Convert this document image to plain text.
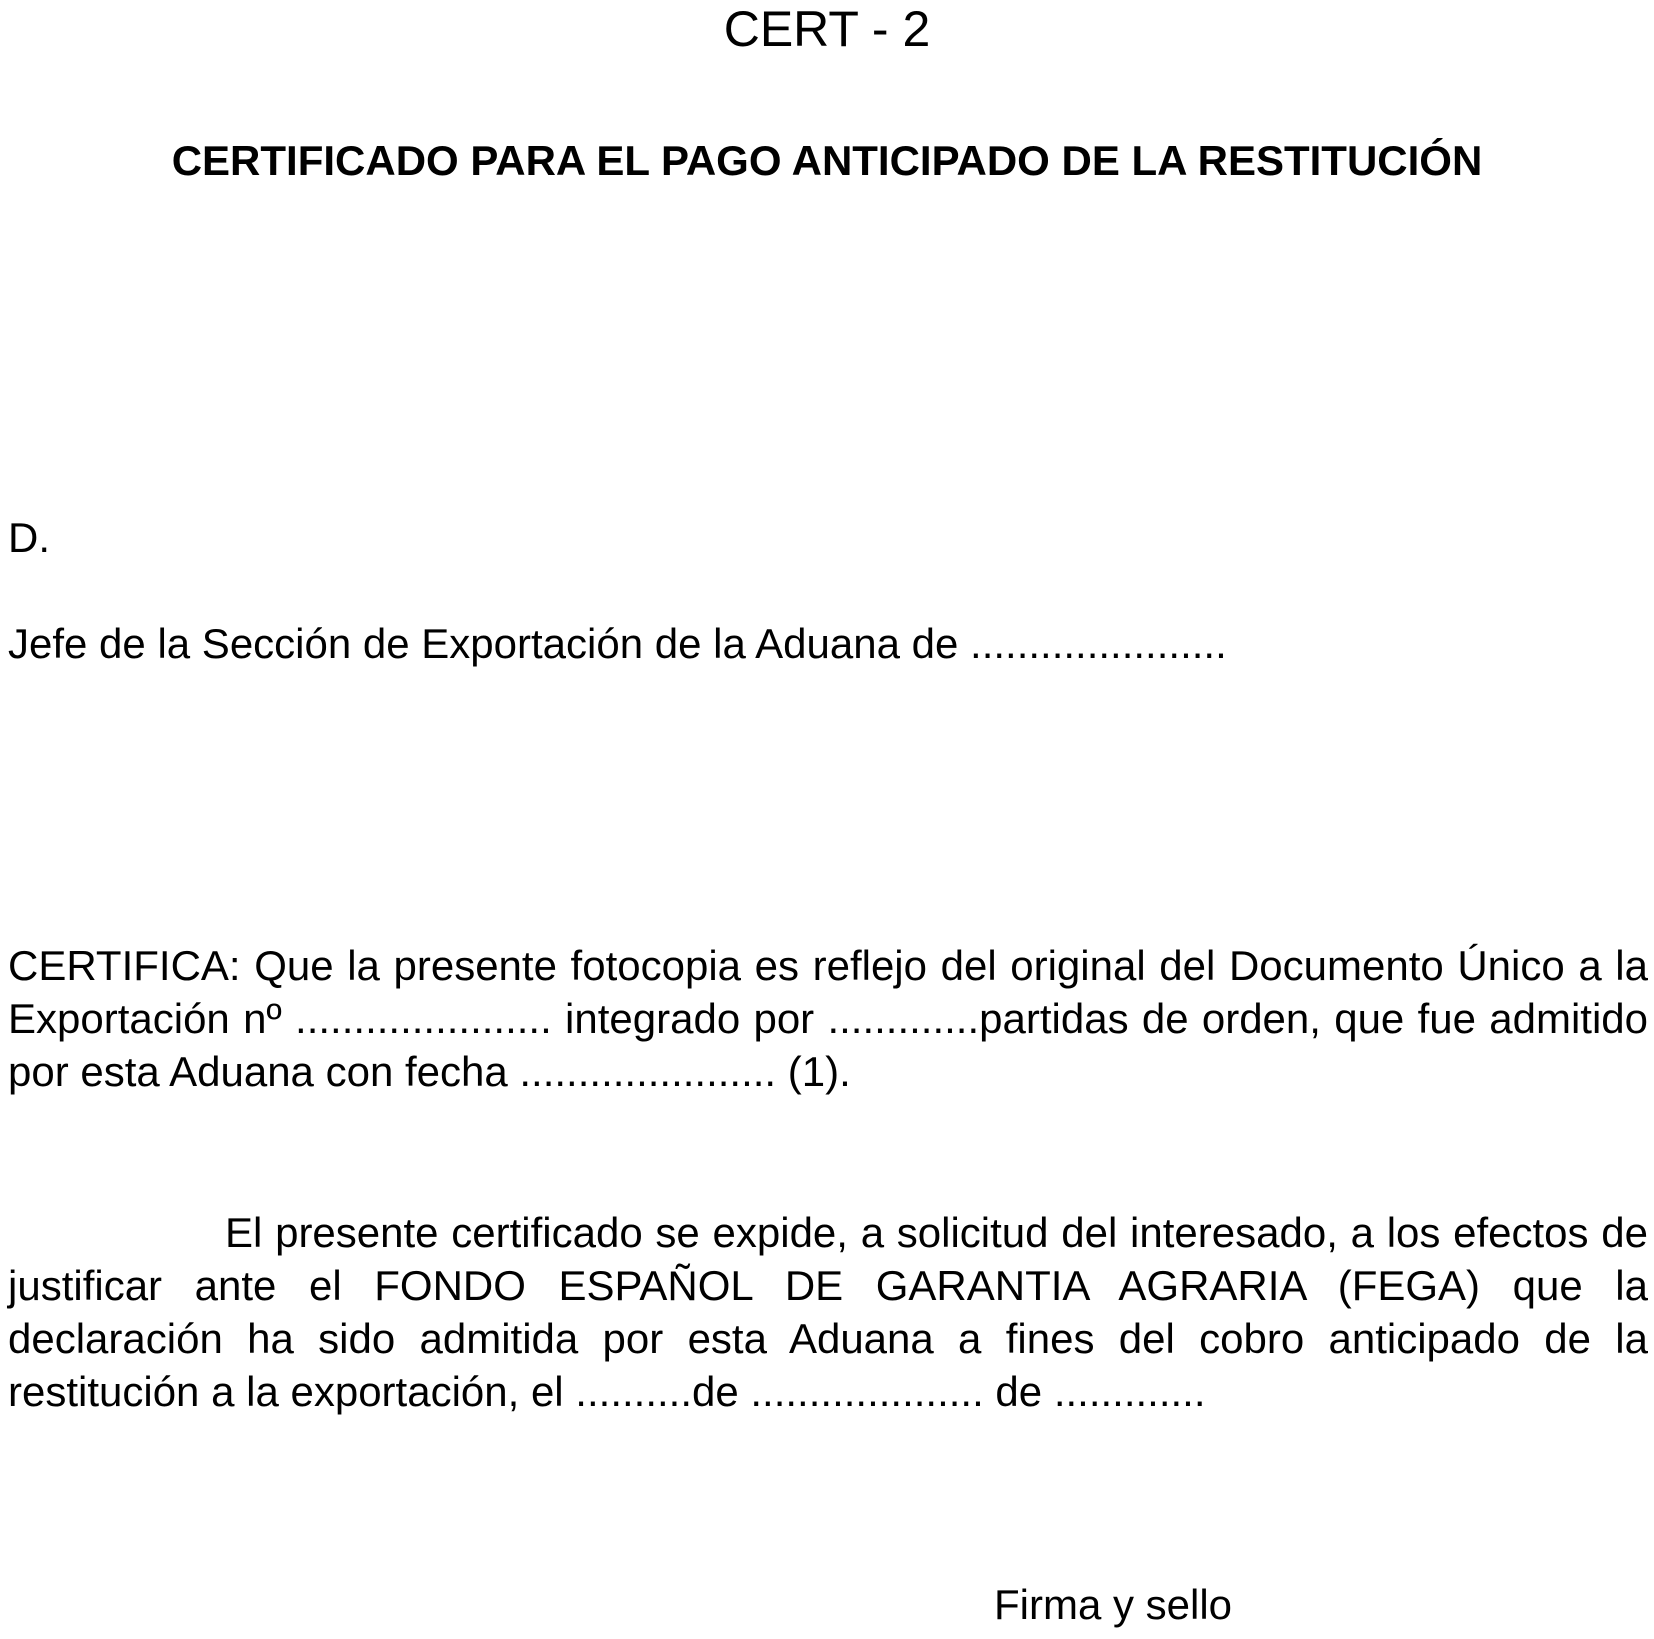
CERT - 2
CERTIFICADO PARA EL PAGO ANTICIPADO DE LA RESTITUCIÓN
D.
Jefe de la Sección de Exportación de la Aduana de ......................
CERTIFICA: Que la presente fotocopia es reflejo del original del Documento Único a la Exportación nº ...................... integrado por .............partidas de orden, que fue admitido por esta Aduana con fecha ...................... (1).
El presente certificado se expide, a solicitud del interesado, a los efectos de justificar ante el FONDO ESPAÑOL DE GARANTIA AGRARIA (FEGA) que la declaración ha sido admitida por esta Aduana a fines del cobro anticipado de la restitución a la exportación, el ..........de .................... de .............
Firma y sello
